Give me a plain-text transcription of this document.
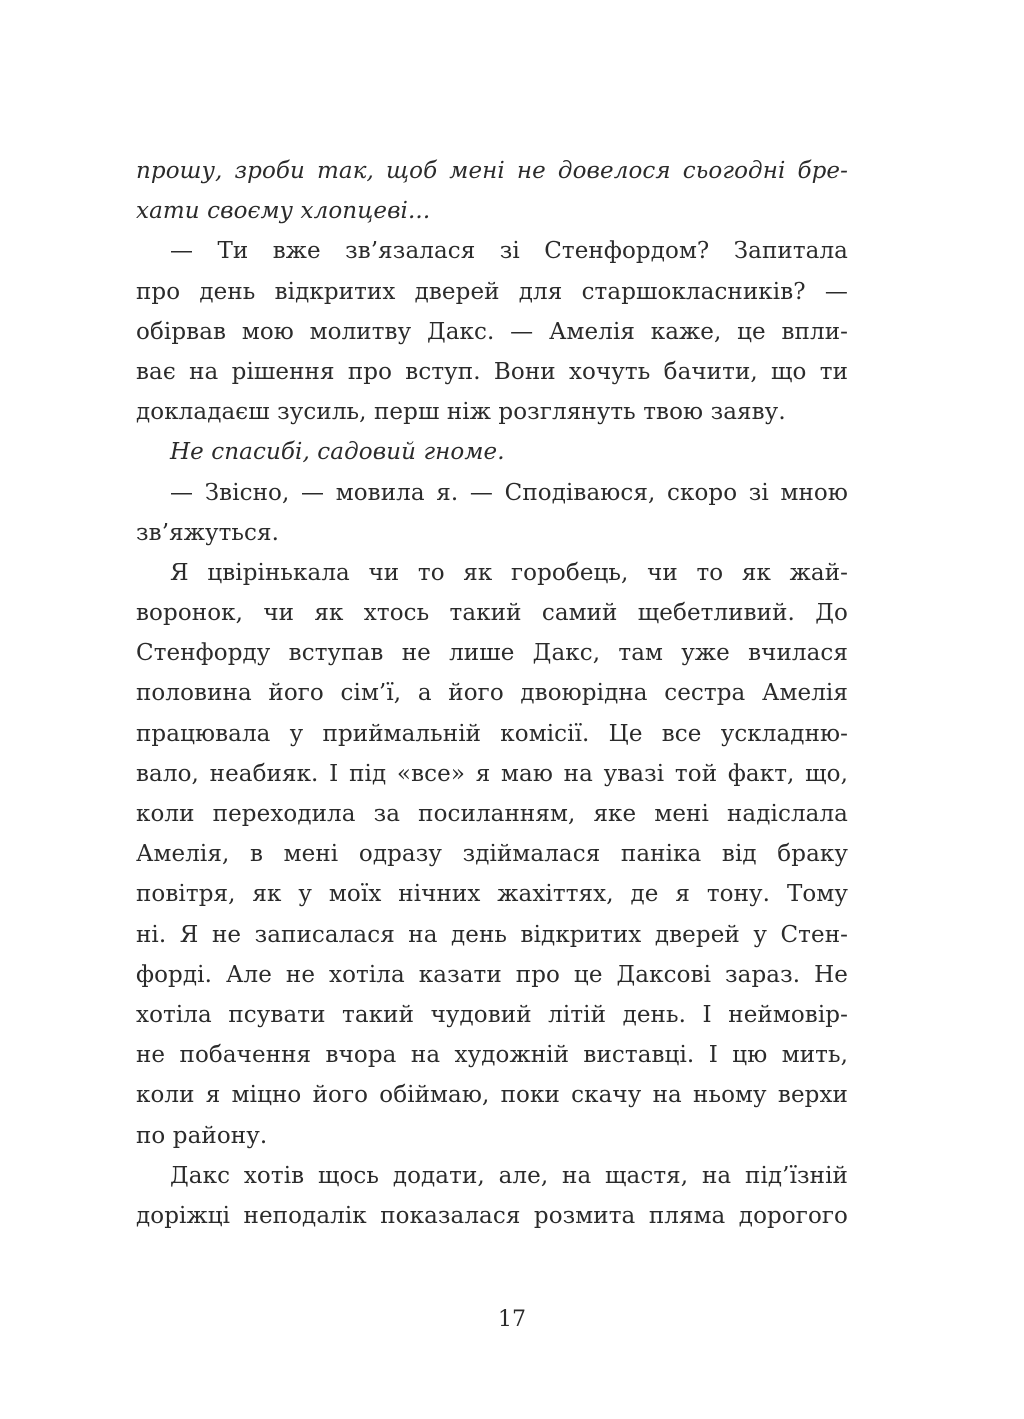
прошу, зроби так, щоб мені не довелося сьогодні бре-
хати своєму хлопцеві...
— Ти вже зв’язалася зі Стенфордом? Запитала
про день відкритих дверей для старшокласників? —
обірвав мою молитву Дакс. — Амелія каже, це впли-
ває на рішення про вступ. Вони хочуть бачити, що ти
докладаєш зусиль, перш ніж розглянуть твою заяву.
Не спасибі, садовий гноме.
— Звісно, — мовила я. — Сподіваюся, скоро зі мною
зв’яжуться.
Я цвірінькала чи то як горобець, чи то як жай-
воронок, чи як хтось такий самий щебетливий. До
Стенфорду вступав не лише Дакс, там уже вчилася
половина його сім’ї, а його двоюрідна сестра Амелія
працювала у приймальній комісії. Це все ускладню-
вало, неабияк. І під «все» я маю на увазі той факт, що,
коли переходила за посиланням, яке мені надіслала
Амелія, в мені одразу здіймалася паніка від браку
повітря, як у моїх нічних жахіттях, де я тону. Тому
ні. Я не записалася на день відкритих дверей у Стен-
форді. Але не хотіла казати про це Даксові зараз. Не
хотіла псувати такий чудовий літій день. І неймовір-
не побачення вчора на художній виставці. І цю мить,
коли я міцно його обіймаю, поки скачу на ньому верхи
по району.
Дакс хотів щось додати, але, на щастя, на під’їзній
доріжці неподалік показалася розмита пляма дорогого
17
